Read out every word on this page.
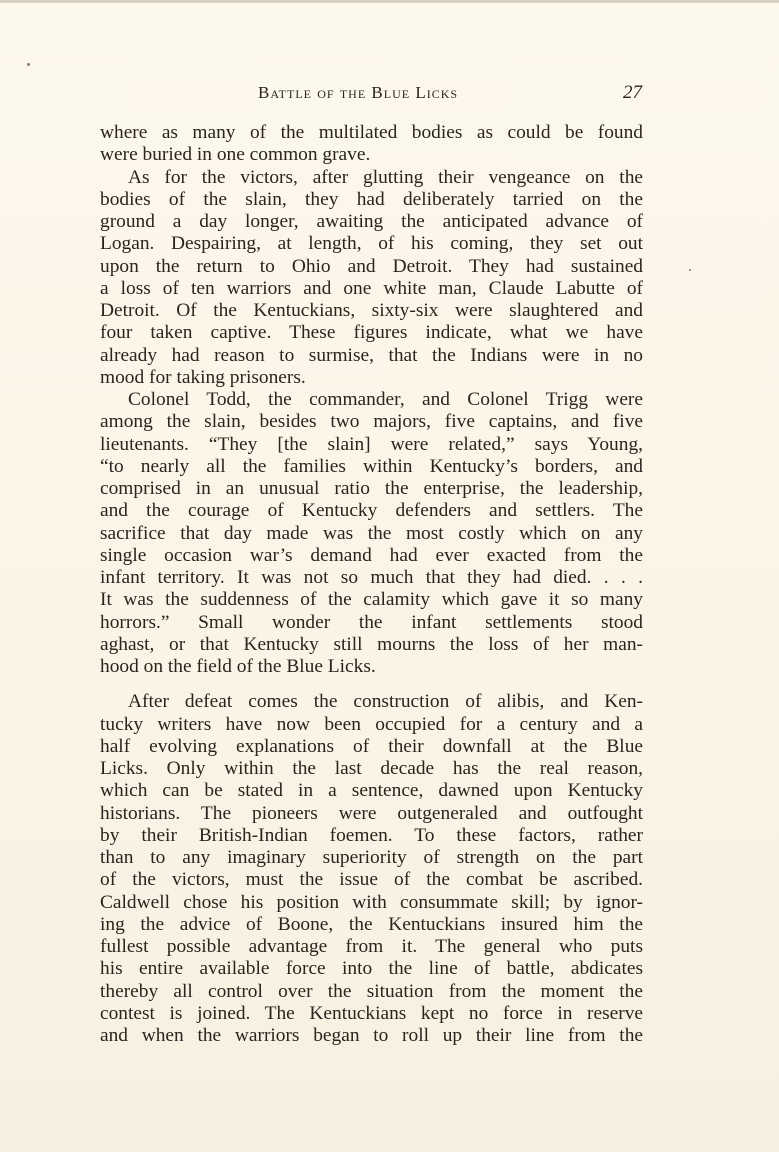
Battle of the Blue Licks	27
where as many of the multilated bodies as could be found
were buried in one common grave.
As for the victors, after glutting their vengeance on the
bodies of the slain, they had deliberately tarried on the
ground a day longer, awaiting the anticipated advance of
Logan. Despairing, at length, of his coming, they set out
upon the return to Ohio and Detroit. They had sustained
a loss of ten warriors and one white man, Claude Labutte of
Detroit. Of the Kentuckians, sixty-six were slaughtered and
four taken captive. These figures indicate, what we have
already had reason to surmise, that the Indians were in no
mood for taking prisoners.
Colonel Todd, the commander, and Colonel Trigg were
among the slain, besides two majors, five captains, and five
lieutenants. “They [the slain] were related,” says Young,
“to nearly all the families within Kentucky’s borders, and
comprised in an unusual ratio the enterprise, the leadership,
and the courage of Kentucky defenders and settlers. The
sacrifice that day made was the most costly which on any
single occasion war’s demand had ever exacted from the
infant territory. It was not so much that they had died. . . .
It was the suddenness of the calamity which gave it so many
horrors.” Small wonder the infant settlements stood
aghast, or that Kentucky still mourns the loss of her man-
hood on the field of the Blue Licks.
After defeat comes the construction of alibis, and Ken-
tucky writers have now been occupied for a century and a
half evolving explanations of their downfall at the Blue
Licks. Only within the last decade has the real reason,
which can be stated in a sentence, dawned upon Kentucky
historians. The pioneers were outgeneraled and outfought
by their British-Indian foemen. To these factors, rather
than to any imaginary superiority of strength on the part
of the victors, must the issue of the combat be ascribed.
Caldwell chose his position with consummate skill; by ignor-
ing the advice of Boone, the Kentuckians insured him the
fullest possible advantage from it. The general who puts
his entire available force into the line of battle, abdicates
thereby all control over the situation from the moment the
contest is joined. The Kentuckians kept no force in reserve
and when the warriors began to roll up their line from the
